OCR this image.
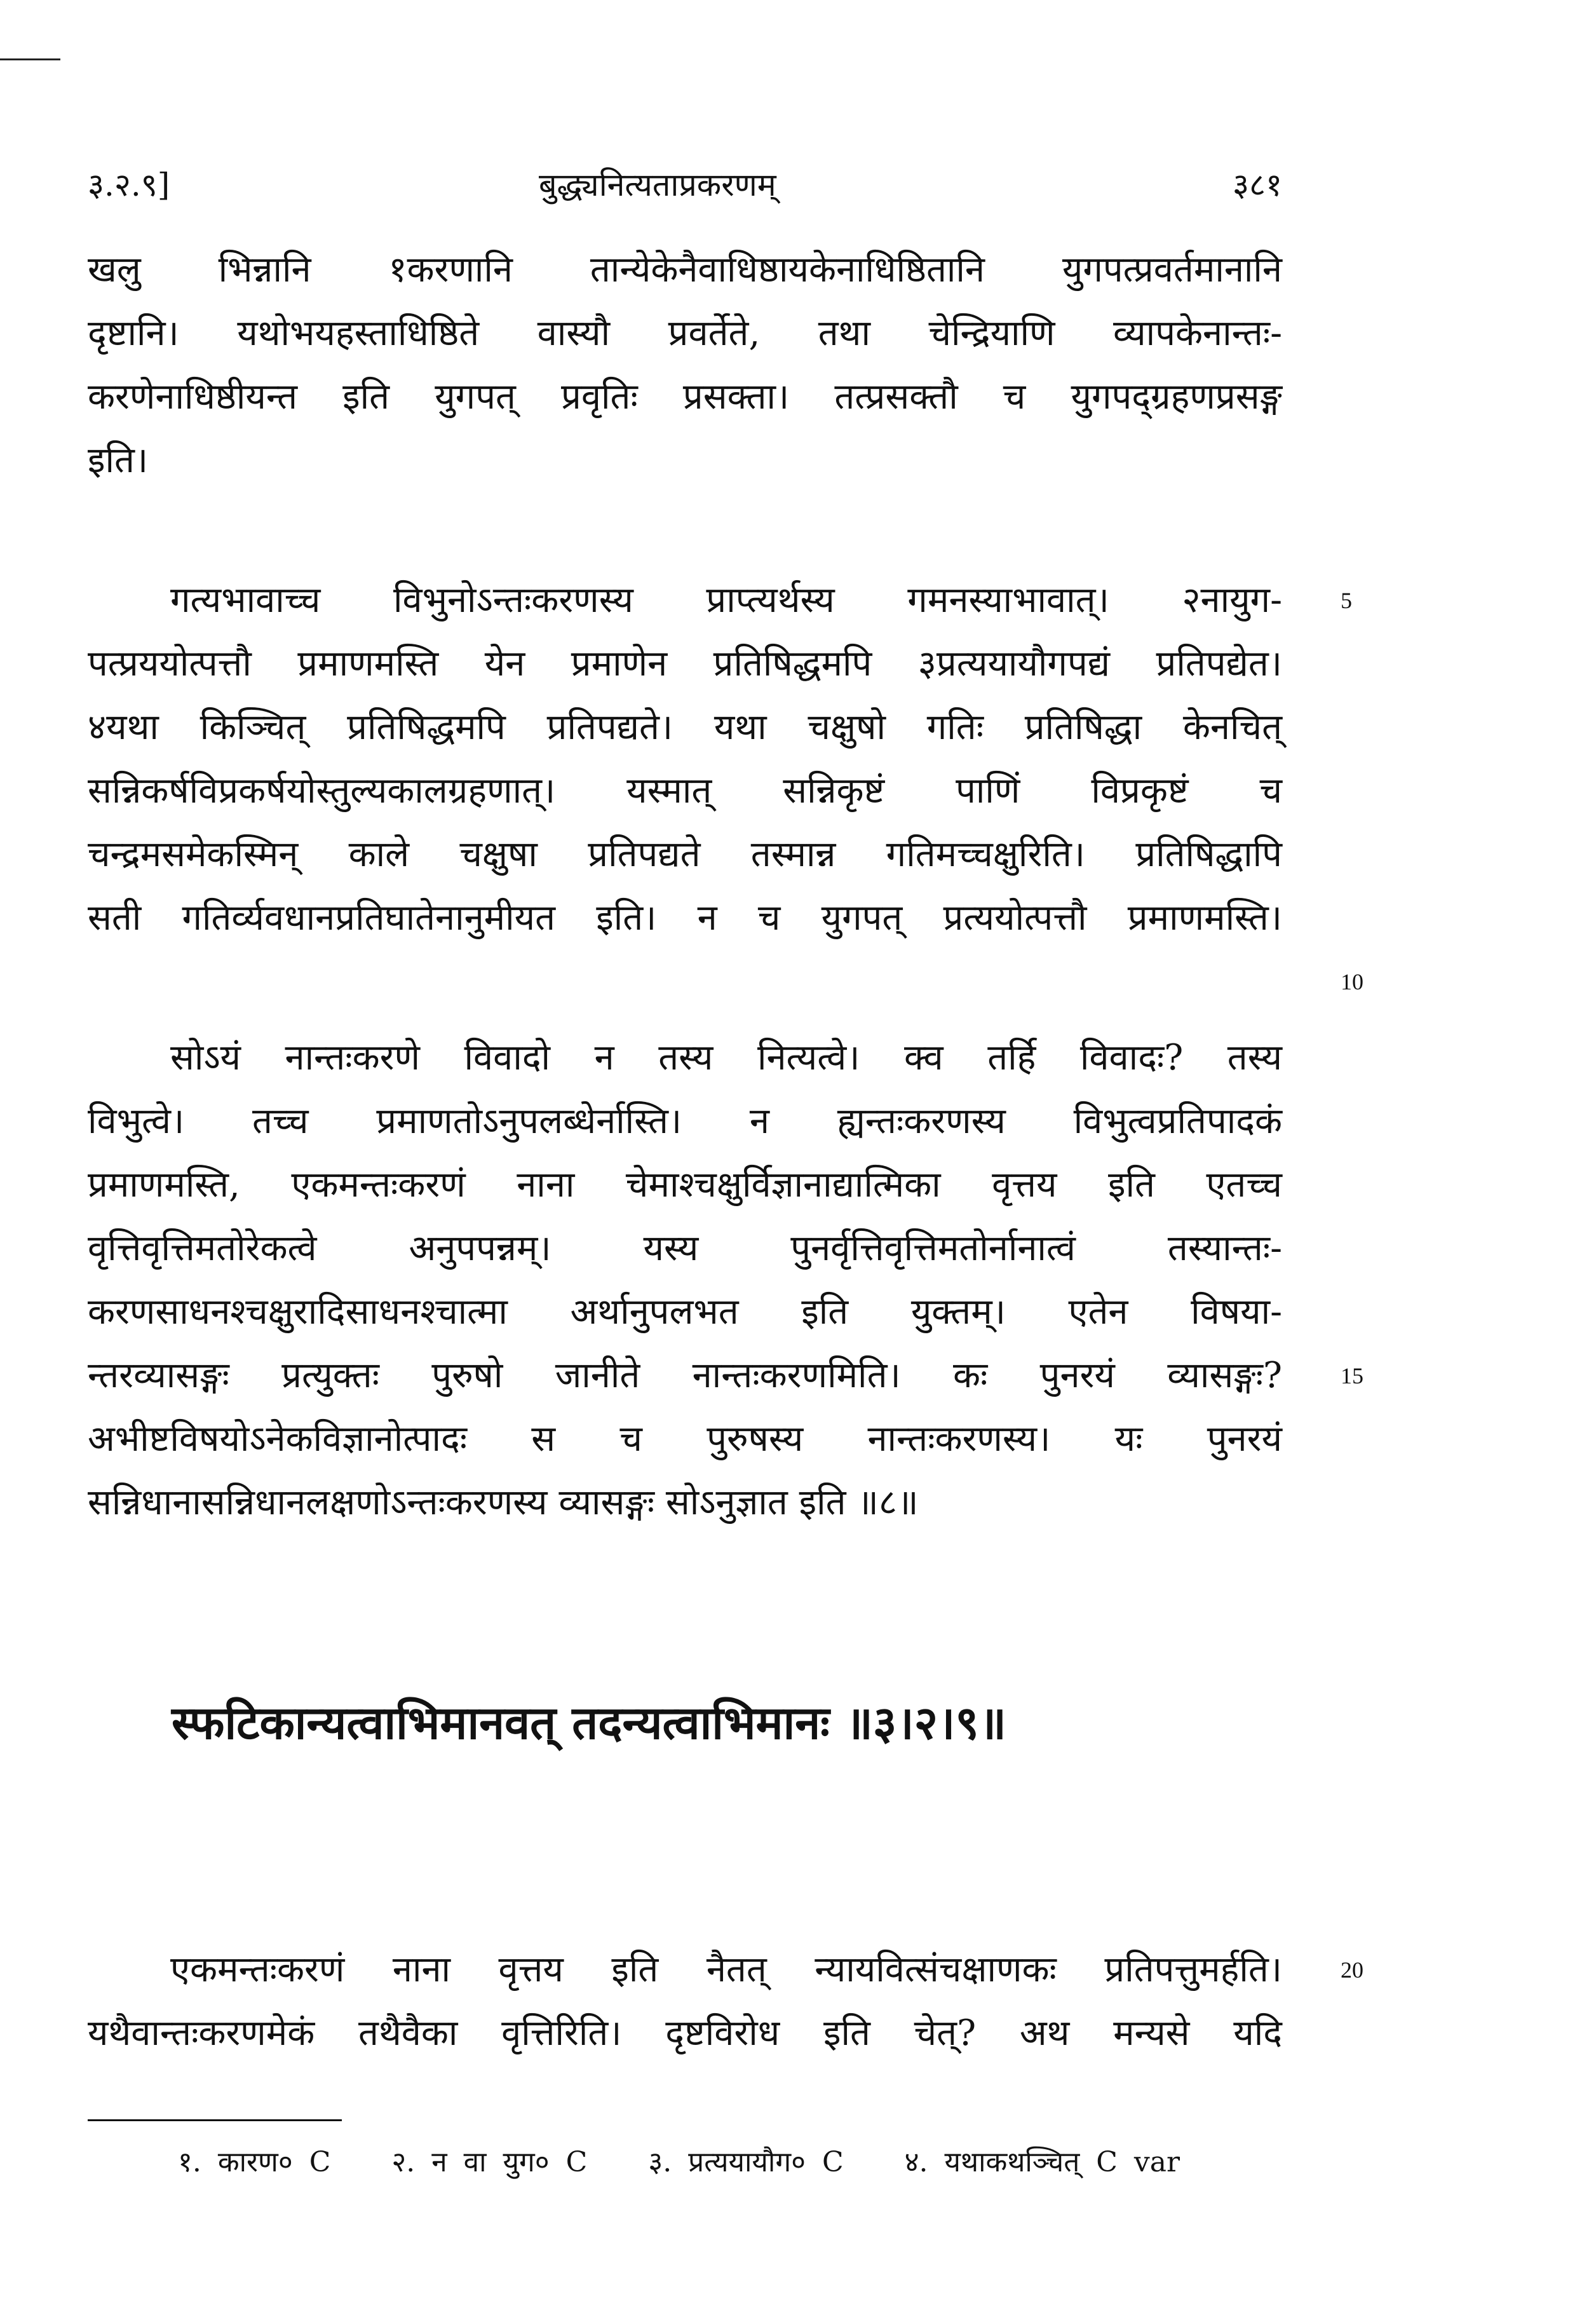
३.२.९]	बुद्ध्यनित्यताप्रकरणम्	३८१
खलु भिन्नानि १करणानि तान्येकेनैवाधिष्ठायकेनाधिष्ठितानि युगपत्प्रवर्तमानानि
दृष्टानि। यथोभयहस्ताधिष्ठिते वास्यौ प्रवर्तेते, तथा चेन्द्रियाणि व्यापकेनान्तः-
करणेनाधिष्ठीयन्त इति युगपत् प्रवृतिः प्रसक्ता। तत्प्रसक्तौ च युगपद्ग्रहणप्रसङ्ग
इति।
गत्यभावाच्च विभुनोऽन्तःकरणस्य प्राप्त्यर्थस्य गमनस्याभावात्। २नायुग-
पत्प्रययोत्पत्तौ प्रमाणमस्ति येन प्रमाणेन प्रतिषिद्धमपि ३प्रत्ययायौगपद्यं प्रतिपद्येत।
४यथा किञ्चित् प्रतिषिद्धमपि प्रतिपद्यते। यथा चक्षुषो गतिः प्रतिषिद्धा केनचित्
सन्निकर्षविप्रकर्षयोस्तुल्यकालग्रहणात्। यस्मात् सन्निकृष्टं पाणिं विप्रकृष्टं च
चन्द्रमसमेकस्मिन् काले चक्षुषा प्रतिपद्यते तस्मान्न गतिमच्चक्षुरिति। प्रतिषिद्धापि
सती गतिर्व्यवधानप्रतिघातेनानुमीयत इति। न च युगपत् प्रत्ययोत्पत्तौ प्रमाणमस्ति।
सोऽयं नान्तःकरणे विवादो न तस्य नित्यत्वे। क्व तर्हि विवादः? तस्य
विभुत्वे। तच्च प्रमाणतोऽनुपलब्धेर्नास्ति। न ह्यन्तःकरणस्य विभुत्वप्रतिपादकं
प्रमाणमस्ति, एकमन्तःकरणं नाना चेमाश्चक्षुर्विज्ञानाद्यात्मिका वृत्तय इति एतच्च
वृत्तिवृत्तिमतोरेकत्वे अनुपपन्नम्। यस्य पुनर्वृत्तिवृत्तिमतोर्नानात्वं तस्यान्तः-
करणसाधनश्चक्षुरादिसाधनश्चात्मा अर्थानुपलभत इति युक्तम्। एतेन विषया-
न्तरव्यासङ्गः प्रत्युक्तः पुरुषो जानीते नान्तःकरणमिति। कः पुनरयं व्यासङ्गः?
अभीष्टविषयोऽनेकविज्ञानोत्पादः स च पुरुषस्य नान्तःकरणस्य। यः पुनरयं
सन्निधानासन्निधानलक्षणोऽन्तःकरणस्य व्यासङ्गः सोऽनुज्ञात इति ॥८॥
स्फटिकान्यत्वाभिमानवत् तदन्यत्वाभिमानः ॥३।२।९॥
एकमन्तःकरणं नाना वृत्तय इति नैतत् न्यायवित्संचक्षाणकः प्रतिपत्तुमर्हति।
यथैवान्तःकरणमेकं तथैवैका वृत्तिरिति। दृष्टविरोध इति चेत्? अथ मन्यसे यदि
5
10
15
20
१. कारण० C २. न वा युग० C ३. प्रत्ययायौग० C ४. यथाकथञ्चित् C var
